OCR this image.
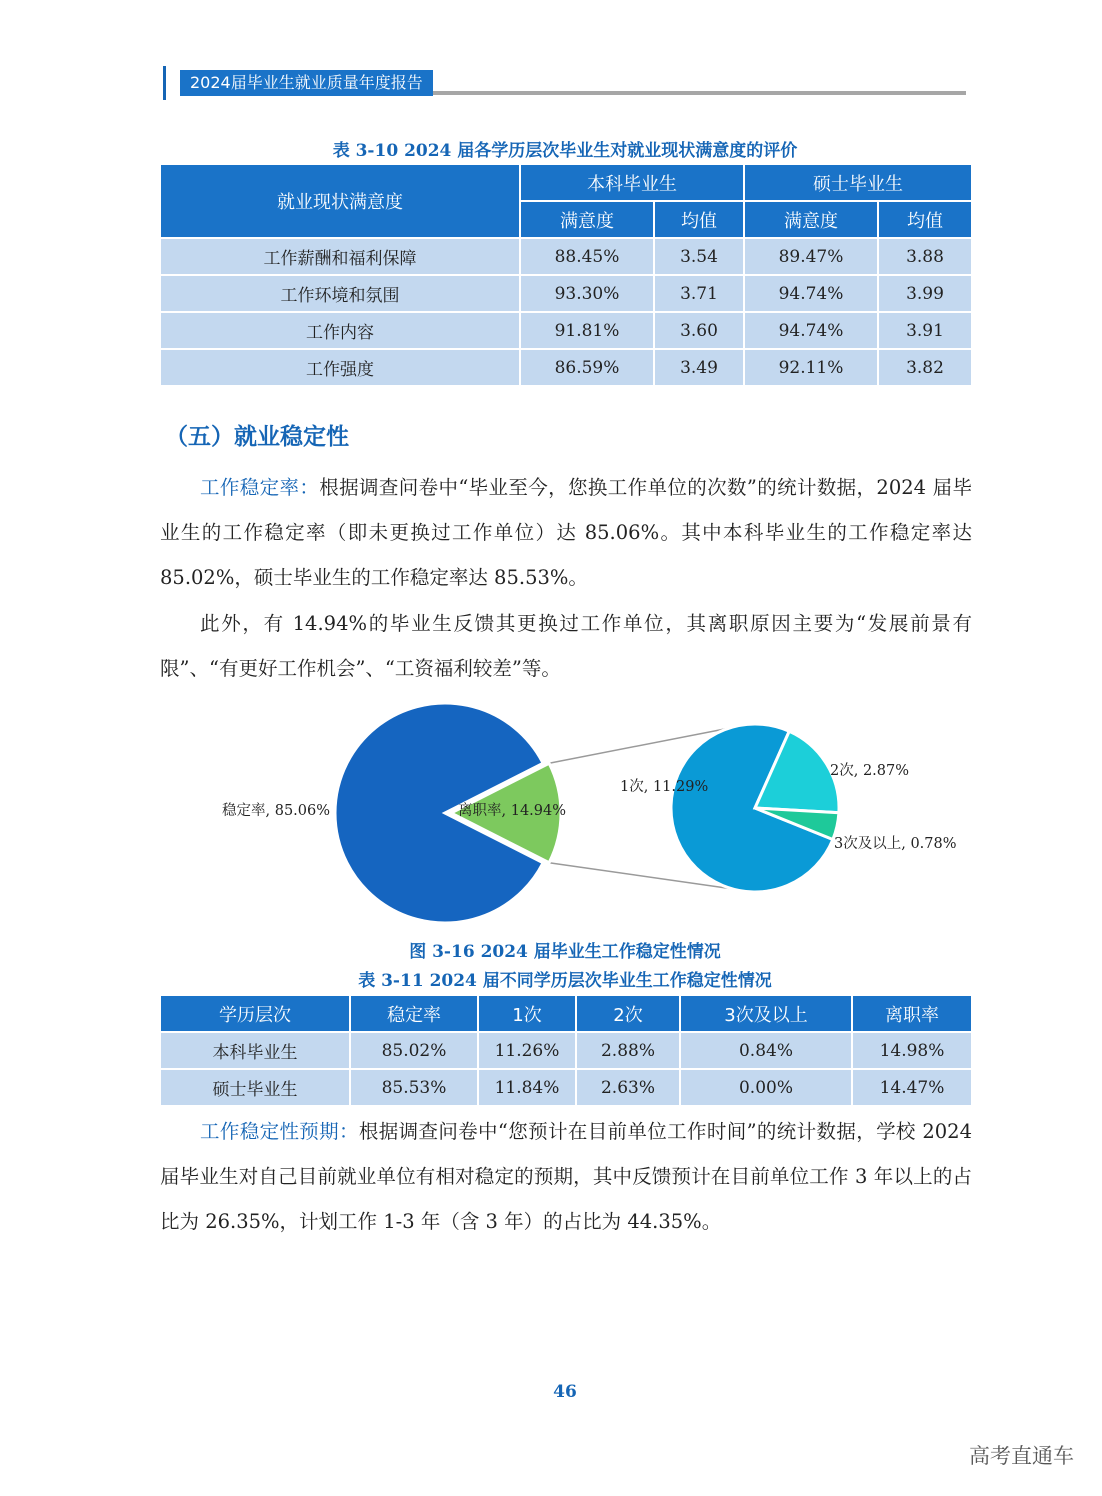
2024届毕业生就业质量年度报告
表 3-10 2024 届各学历层次毕业生对就业现状满意度的评价
就业现状满意度	本科毕业生		硕士毕业生	
	满意度	均值	满意度	均值
工作薪酬和福利保障	88.45%	3.54	89.47%	3.88
工作环境和氛围	93.30%	3.71	94.74%	3.99
工作内容	91.81%	3.60	94.74%	3.91
工作强度	86.59%	3.49	92.11%	3.82
（五）就业稳定性

工作稳定率：根据调查问卷中“毕业至今，您换工作单位的次数”的统计数据，2024 届毕业生的工作稳定率（即未更换过工作单位）达 85.06%。其中本科毕业生的工作稳定率达 85.02%，硕士毕业生的工作稳定率达 85.53%。

此外，有 14.94%的毕业生反馈其更换过工作单位，其离职原因主要为“发展前景有限”、“有更好工作机会”、“工资福利较差”等。

稳定率, 85.06%	离职率, 14.94%
1次, 11.29%
2次, 2.87%
3次及以上, 0.78%
图 3-16 2024 届毕业生工作稳定性情况
表 3-11 2024 届不同学历层次毕业生工作稳定性情况
学历层次	稳定率	1次	2次	3次及以上	离职率
本科毕业生	85.02%	11.26%	2.88%	0.84%	14.98%
硕士毕业生	85.53%	11.84%	2.63%	0.00%	14.47%

工作稳定性预期：根据调查问卷中“您预计在目前单位工作时间”的统计数据，学校 2024 届毕业生对自己目前就业单位有相对稳定的预期，其中反馈预计在目前单位工作 3 年以上的占比为 26.35%，计划工作 1-3 年（含 3 年）的占比为 44.35%。

46
高考直通车
